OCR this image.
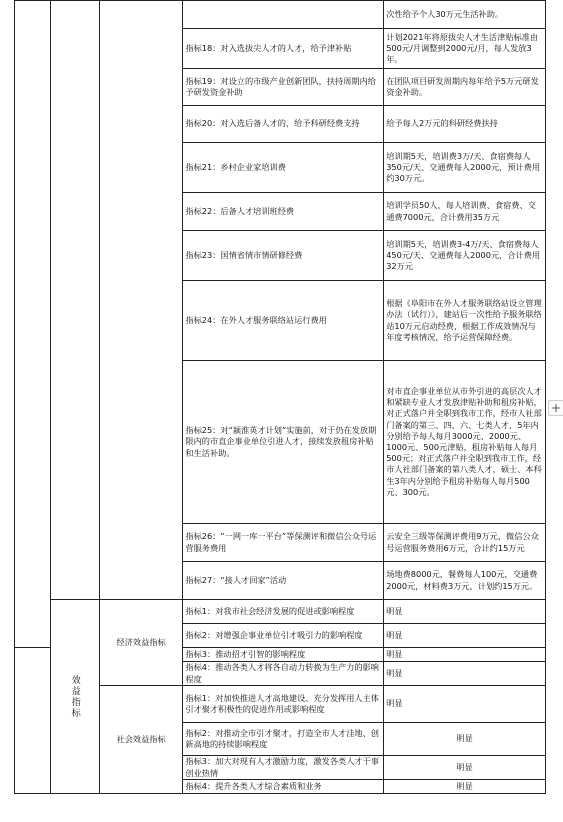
				次性给予个人30万元生活补助。
			指标18：对入选拔尖人才的人才，给予津补贴	计划2021年将原拔尖人才生活津贴标准由500元/月调整到2000元/月，每人发放3年。
			指标19：对设立的市级产业创新团队，扶持周期内给予研发资金补助	在团队项目研发周期内每年给予5万元研发资金补助。
			指标20：对入选后备人才的，给予科研经费支持	给予每人2万元的科研经费扶持
			指标21：乡村企业家培训费	培训期5天，培训费3万/天、食宿费每人350元/天、交通费每人2000元，预计费用约30万元。
			指标22：后备人才培训班经费	培训学员50人，每人培训费、食宿费、交通费7000元，合计费用35万元
			指标23：国情省情市情研修经费	培训期5天，培训费3-4万/天、食宿费每人450元/天、交通费每人2000元，合计费用32万元
			指标24：在外人才服务联络站运行费用	根据《阜阳市在外人才服务联络站设立管理办法（试行）》，建站后一次性给予服务联络站10万元启动经费，根据工作成效情况与年度考核情况，给予运营保障经费。
			指标25：对“颍淮英才计划”实施前，对于仍在发放期限内的市直企事业单位引进人才，接续发放租房补贴和生活补助。	对市直企事业单位从市外引进的高层次人才和紧缺专业人才发放津贴补助和租房补贴，对正式落户并全职到我市工作，经市人社部门备案的第三、四、六、七类人才，5年内分别给予每人每月3000元、2000元、1000元、500元津贴，租房补贴每人每月500元；对正式落户并全职到我市工作，经市人社部门备案的第八类人才，硕士、本科生3年内分别给予租房补贴每人每月500元、300元。
			指标26：“一网一库一平台”等保测评和微信公众号运营服务费用	云安全三级等保测评费用9万元，微信公众号运营服务费用6万元，合计约15万元
			指标27：“接人才回家”活动	场地费8000元，餐费每人100元，交通费2000元，材料费3万元，计划约15万元。

	效益指标	经济效益指标	指标1：对我市社会经济发展的促进或影响程度	明显
			指标2：对增强企事业单位引才吸引力的影响程度	明显
			指标3：推动招才引智的影响程度	明显
			指标4：推动各类人才将各自动力转换为生产力的影响程度	明显
		社会效益指标	指标1：对加快推进人才高地建设、充分发挥用人主体引才聚才积极性的促进作用或影响程度	明显
			指标2：对推动全市引才聚才，打造全市人才洼地、创新高地的持续影响程度	明显
			指标3：加大对现有人才激励力度，激发各类人才干事创业热情	明显
			指标4：提升各类人才综合素质和业务	明显
+
